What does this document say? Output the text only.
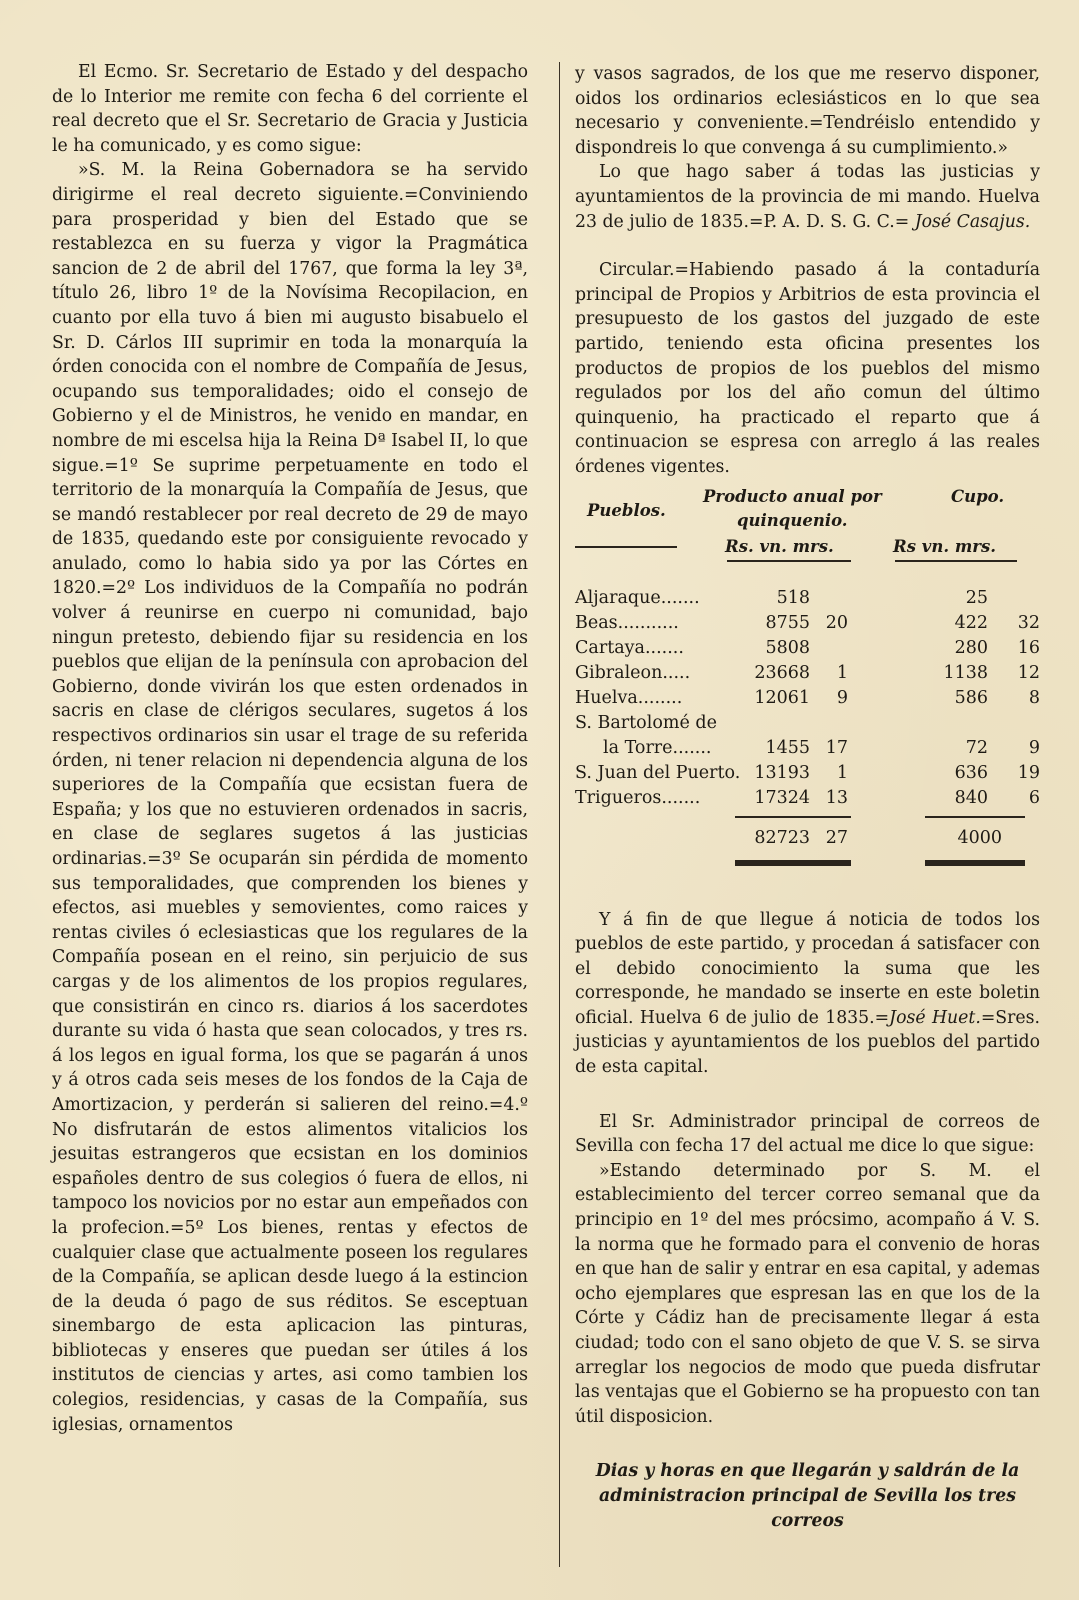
El Ecmo. Sr. Secretario de Estado y del despacho de lo Interior me remite con fecha 6 del corriente el real decreto que el Sr. Secretario de Gracia y Justicia le ha comunicado, y es como sigue:

»S. M. la Reina Gobernadora se ha servido dirigirme el real decreto siguiente.=Conviniendo para prosperidad y bien del Estado que se restablezca en su fuerza y vigor la Pragmática sancion de 2 de abril del 1767, que forma la ley 3ª, título 26, libro 1º de la Novísima Recopilacion, en cuanto por ella tuvo á bien mi augusto bisabuelo el Sr. D. Cárlos III suprimir en toda la monarquía la órden conocida con el nombre de Compañía de Jesus, ocupando sus temporalidades; oido el consejo de Gobierno y el de Ministros, he venido en mandar, en nombre de mi escelsa hija la Reina Dª Isabel II, lo que sigue.=1º Se suprime perpetuamente en todo el territorio de la monarquía la Compañía de Jesus, que se mandó restablecer por real decreto de 29 de mayo de 1835, quedando este por consiguiente revocado y anulado, como lo habia sido ya por las Córtes en 1820.=2º Los individuos de la Compañía no podrán volver á reunirse en cuerpo ni comunidad, bajo ningun pretesto, debiendo fijar su residencia en los pueblos que elijan de la península con aprobacion del Gobierno, donde vivirán los que esten ordenados in sacris en clase de clérigos seculares, sugetos á los respectivos ordinarios sin usar el trage de su referida órden, ni tener relacion ni dependencia alguna de los superiores de la Compañía que ecsistan fuera de España; y los que no estuvieren ordenados in sacris, en clase de seglares sugetos á las justicias ordinarias.=3º Se ocuparán sin pérdida de momento sus temporalidades, que comprenden los bienes y efectos, asi muebles y semovientes, como raices y rentas civiles ó eclesiasticas que los regulares de la Compañía posean en el reino, sin perjuicio de sus cargas y de los alimentos de los propios regulares, que consistirán en cinco rs. diarios á los sacerdotes durante su vida ó hasta que sean colocados, y tres rs. á los legos en igual forma, los que se pagarán á unos y á otros cada seis meses de los fondos de la Caja de Amortizacion, y perderán si salieren del reino.=4.º No disfrutarán de estos alimentos vitalicios los jesuitas estrangeros que ecsistan en los dominios españoles dentro de sus colegios ó fuera de ellos, ni tampoco los novicios por no estar aun empeñados con la profecion.=5º Los bienes, rentas y efectos de cualquier clase que actualmente poseen los regulares de la Compañía, se aplican desde luego á la estincion de la deuda ó pago de sus réditos. Se esceptuan sinembargo de esta aplicacion las pinturas, bibliotecas y enseres que puedan ser útiles á los institutos de ciencias y artes, asi como tambien los colegios, residencias, y casas de la Compañía, sus iglesias, ornamentos

y vasos sagrados, de los que me reservo disponer, oidos los ordinarios eclesiásticos en lo que sea necesario y conveniente.=Tendréislo entendido y dispondreis lo que convenga á su cumplimiento.»

Lo que hago saber á todas las justicias y ayuntamientos de la provincia de mi mando. Huelva 23 de julio de 1835.=P. A. D. S. G. C.= José Casajus.

Circular.=Habiendo pasado á la contaduría principal de Propios y Arbitrios de esta provincia el presupuesto de los gastos del juzgado de este partido, teniendo esta oficina presentes los productos de propios de los pueblos del mismo regulados por los del año comun del último quinquenio, ha practicado el reparto que á continuacion se espresa con arreglo á las reales órdenes vigentes.

Producto anual por	Cupo.
Pueblos.
quinquenio.
Rs. vn. mrs.	Rs vn. mrs.
Aljaraque.......	518	25
Beas...........	8755 20	422 32
Cartaya.......	5808	280 16
Gibraleon.....	23668 1	1138 12
Huelva........	12061 9	586 8
S. Bartolomé de
la Torre.......	1455 17	72 9
S. Juan del Puerto. 13193 1	636 19
Trigueros.......	17324 13	840 6
82723 27	4000

Y á fin de que llegue á noticia de todos los pueblos de este partido, y procedan á satisfacer con el debido conocimiento la suma que les corresponde, he mandado se inserte en este boletin oficial. Huelva 6 de julio de 1835.=José Huet.=Sres. justicias y ayuntamientos de los pueblos del partido de esta capital.

El Sr. Administrador principal de correos de Sevilla con fecha 17 del actual me dice lo que sigue:

»Estando determinado por S. M. el establecimiento del tercer correo semanal que da principio en 1º del mes prócsimo, acompaño á V. S. la norma que he formado para el convenio de horas en que han de salir y entrar en esa capital, y ademas ocho ejemplares que espresan las en que los de la Córte y Cádiz han de precisamente llegar á esta ciudad; todo con el sano objeto de que V. S. se sirva arreglar los negocios de modo que pueda disfrutar las ventajas que el Gobierno se ha propuesto con tan útil disposicion.

Dias y horas en que llegarán y saldrán de la administracion principal de Sevilla los tres correos
